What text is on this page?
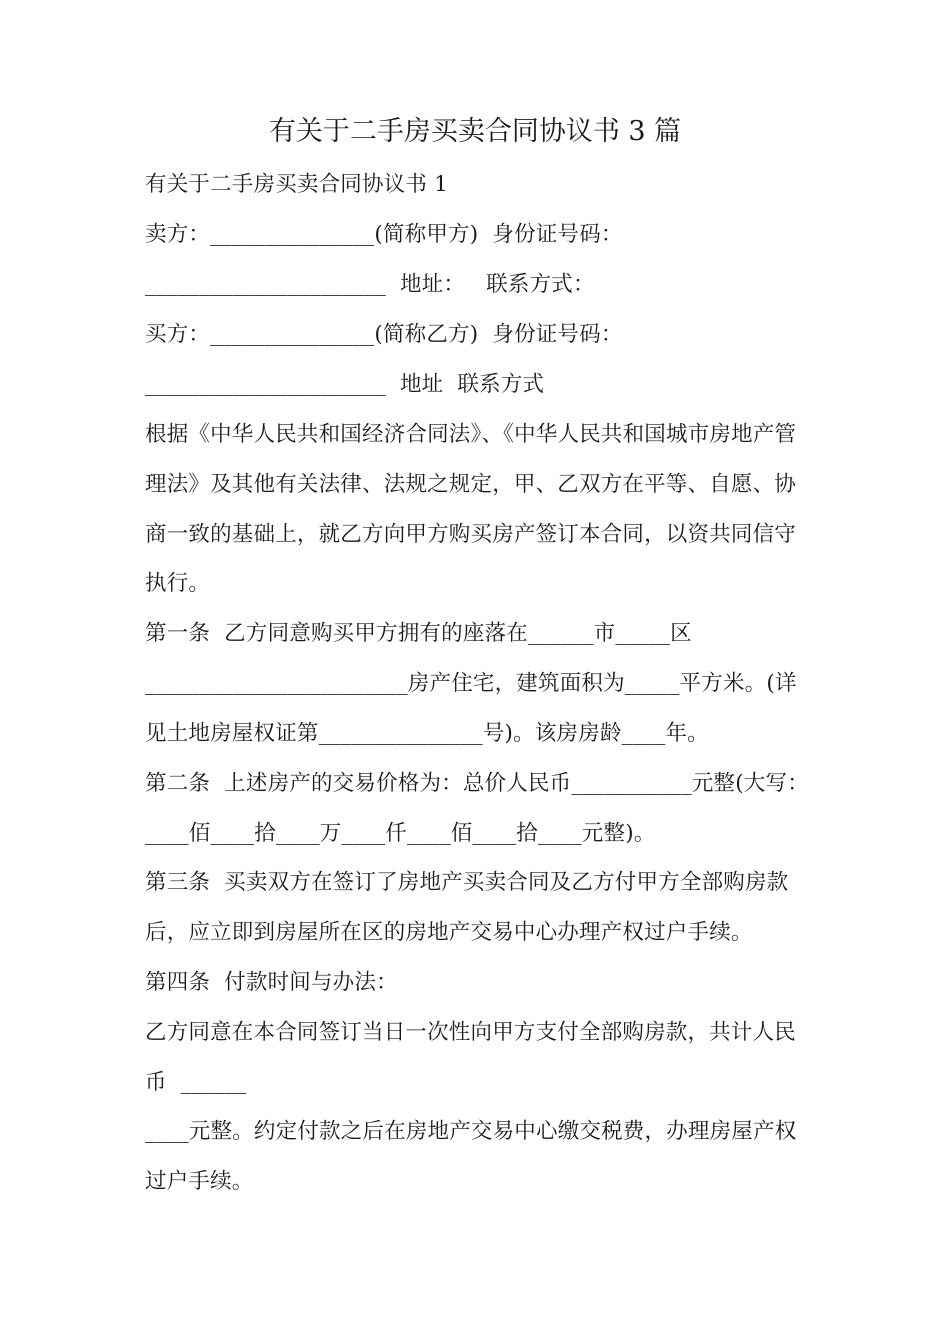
有关于二手房买卖合同协议书 3 篇
有关于二手房买卖合同协议书 1
卖方：_______________(简称甲方)  身份证号码：
______________________  地址：   联系方式：
买方：_______________(简称乙方)  身份证号码：
______________________  地址  联系方式
根据《中华人民共和国经济合同法》、《中华人民共和国城市房地产管
理法》及其他有关法律、法规之规定，甲、乙双方在平等、自愿、协
商一致的基础上，就乙方向甲方购买房产签订本合同，以资共同信守
执行。
第一条  乙方同意购买甲方拥有的座落在______市_____区
________________________房产住宅，建筑面积为_____平方米。(详
见土地房屋权证第_______________号)。该房房龄____年。
第二条  上述房产的交易价格为：总价人民币___________元整(大写：
____佰____拾____万____仟____佰____拾____元整)。
第三条  买卖双方在签订了房地产买卖合同及乙方付甲方全部购房款
后，应立即到房屋所在区的房地产交易中心办理产权过户手续。
第四条  付款时间与办法：
乙方同意在本合同签订当日一次性向甲方支付全部购房款，共计人民
币  ______
____元整。约定付款之后在房地产交易中心缴交税费，办理房屋产权
过户手续。
